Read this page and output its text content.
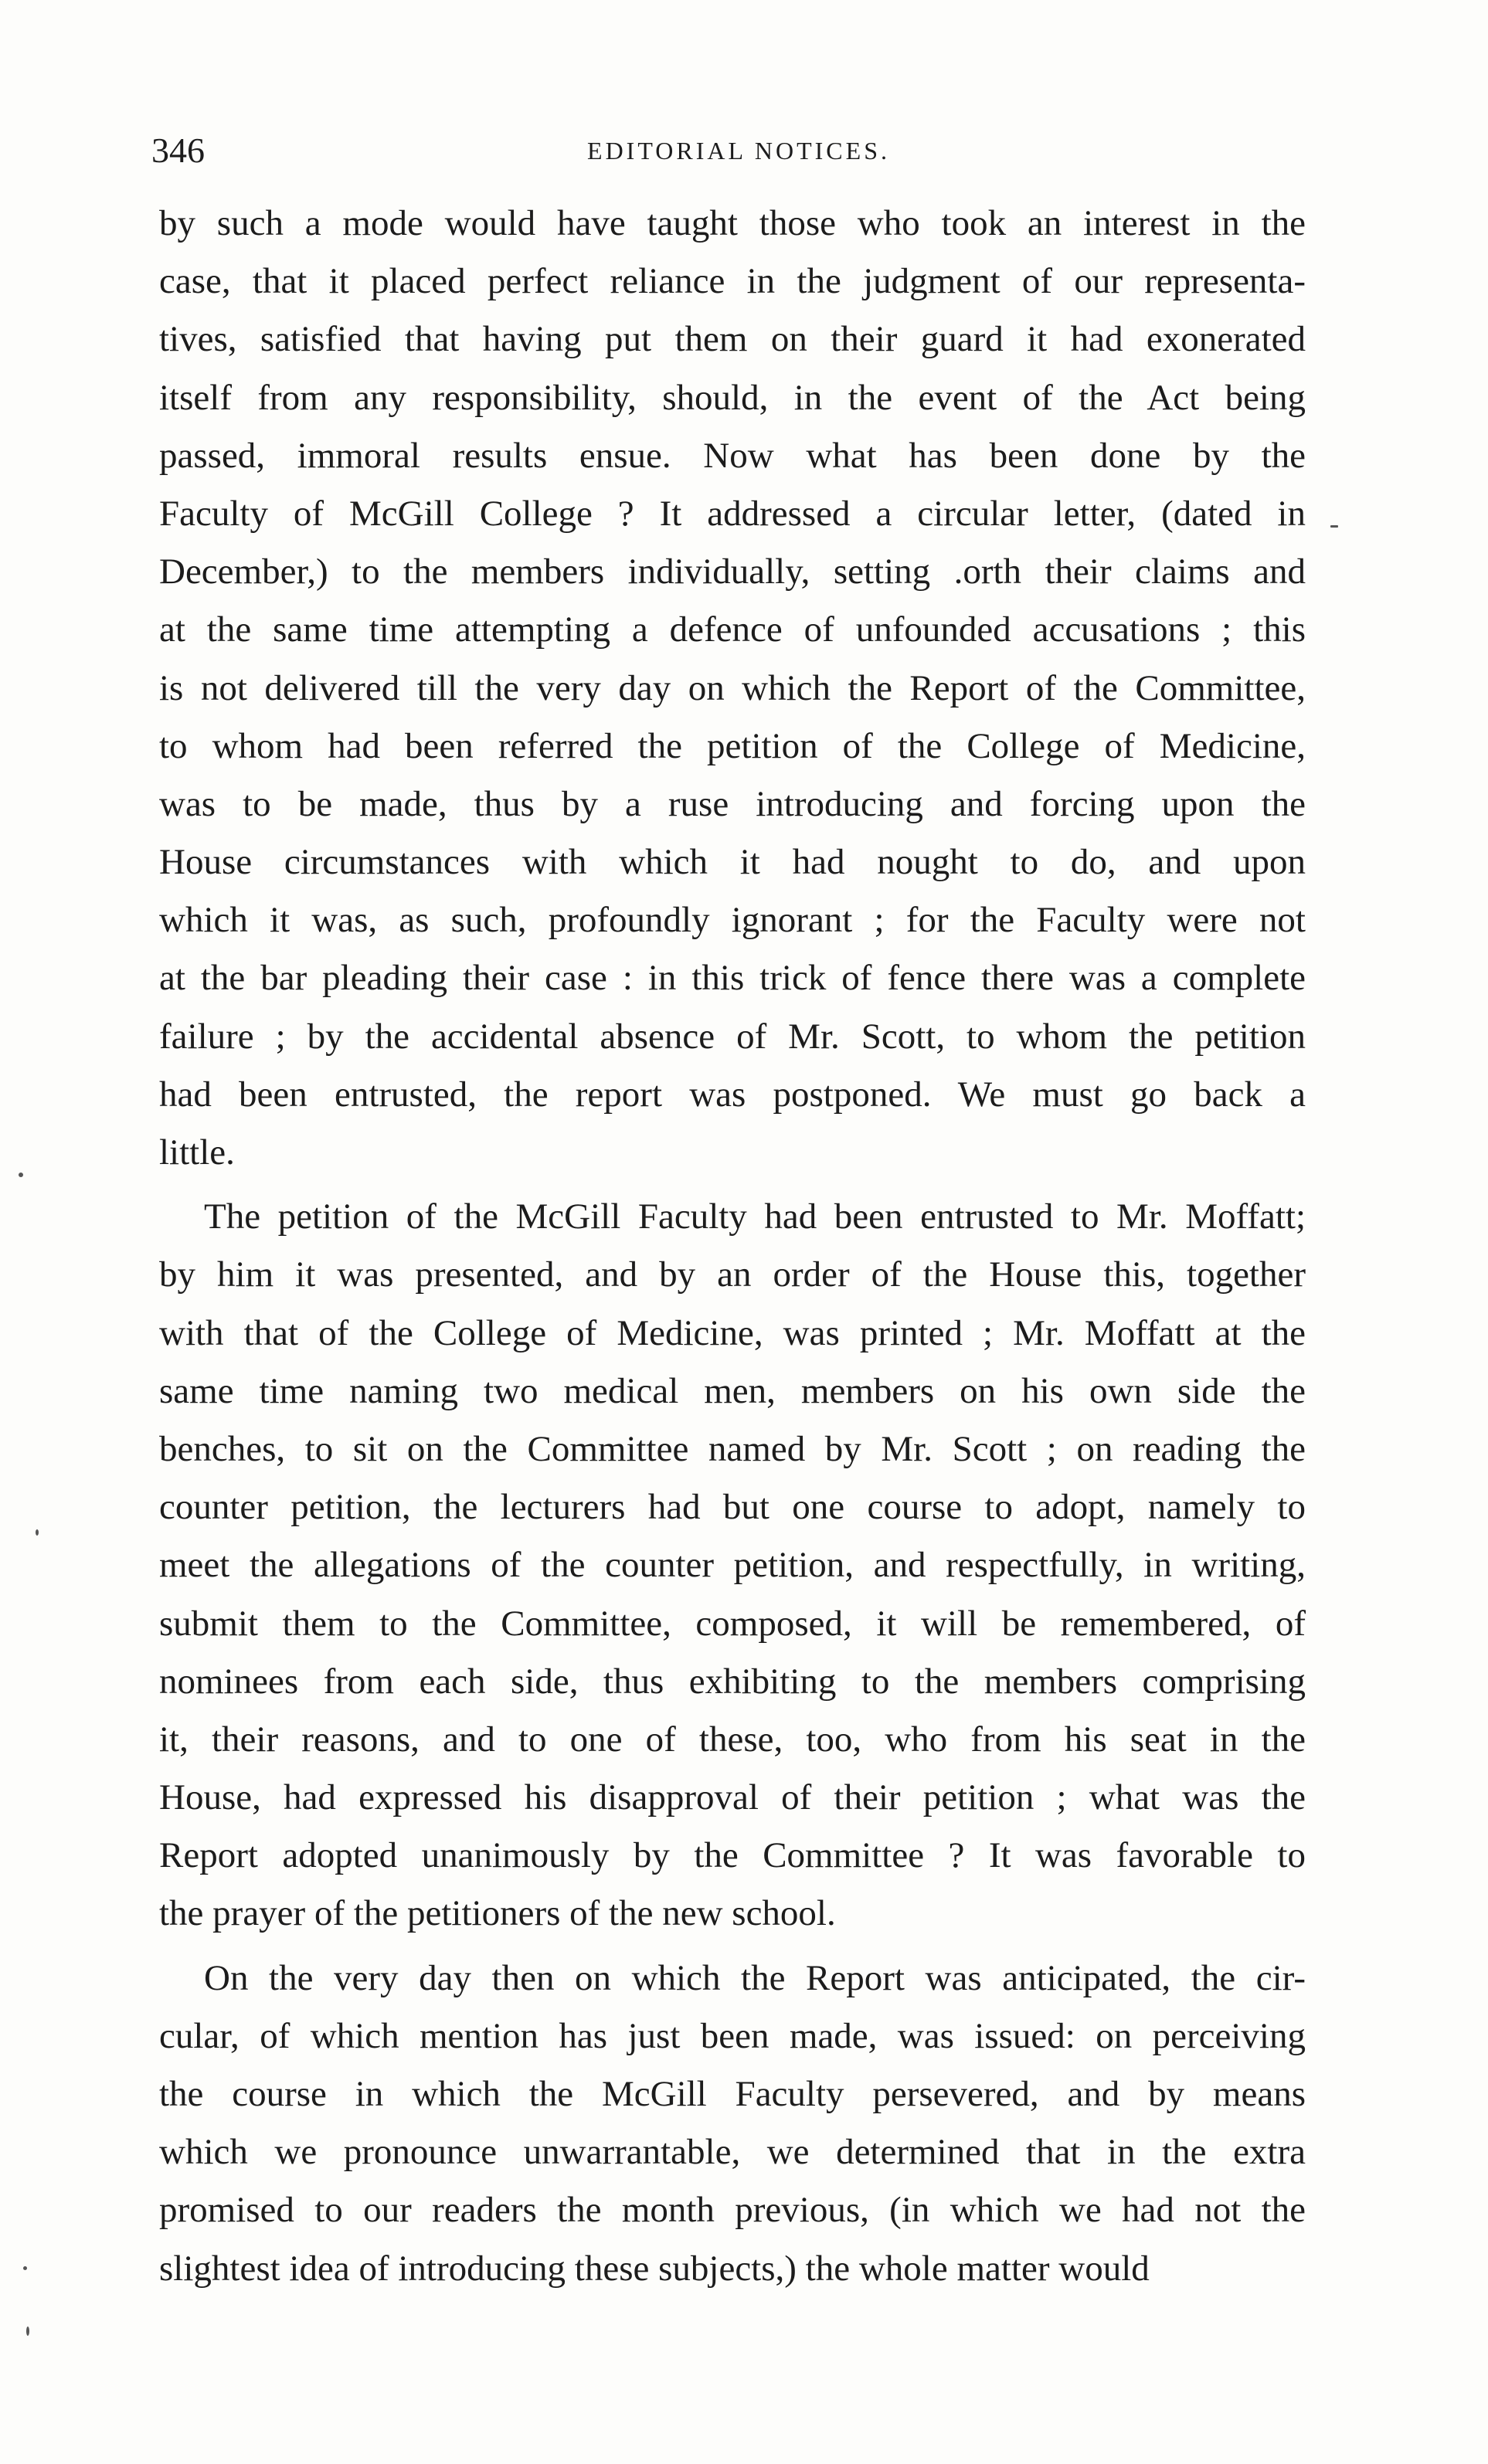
346	EDITORIAL NOTICES.
by such a mode would have taught those who took an interest in the
case, that it placed perfect reliance in the judgment of our representa-
tives, satisfied that having put them on their guard it had exonerated
itself from any responsibility, should, in the event of the Act being
passed, immoral results ensue. Now what has been done by the
Faculty of McGill College ? It addressed a circular letter, (dated in
December,) to the members individually, setting .orth their claims and
at the same time attempting a defence of unfounded accusations ; this
is not delivered till the very day on which the Report of the Committee,
to whom had been referred the petition of the College of Medicine,
was to be made, thus by a ruse introducing and forcing upon the
House circumstances with which it had nought to do, and upon
which it was, as such, profoundly ignorant ; for the Faculty were not
at the bar pleading their case : in this trick of fence there was a complete
failure ; by the accidental absence of Mr. Scott, to whom the petition
had been entrusted, the report was postponed. We must go back a
little.
The petition of the McGill Faculty had been entrusted to Mr. Moffatt;
by him it was presented, and by an order of the House this, together
with that of the College of Medicine, was printed ; Mr. Moffatt at the
same time naming two medical men, members on his own side the
benches, to sit on the Committee named by Mr. Scott ; on reading the
counter petition, the lecturers had but one course to adopt, namely to
meet the allegations of the counter petition, and respectfully, in writing,
submit them to the Committee, composed, it will be remembered, of
nominees from each side, thus exhibiting to the members comprising
it, their reasons, and to one of these, too, who from his seat in the
House, had expressed his disapproval of their petition ; what was the
Report adopted unanimously by the Committee ? It was favorable to
the prayer of the petitioners of the new school.
On the very day then on which the Report was anticipated, the cir-
cular, of which mention has just been made, was issued: on perceiving
the course in which the McGill Faculty persevered, and by means
which we pronounce unwarrantable, we determined that in the extra
promised to our readers the month previous, (in which we had not the
slightest idea of introducing these subjects,) the whole matter would
